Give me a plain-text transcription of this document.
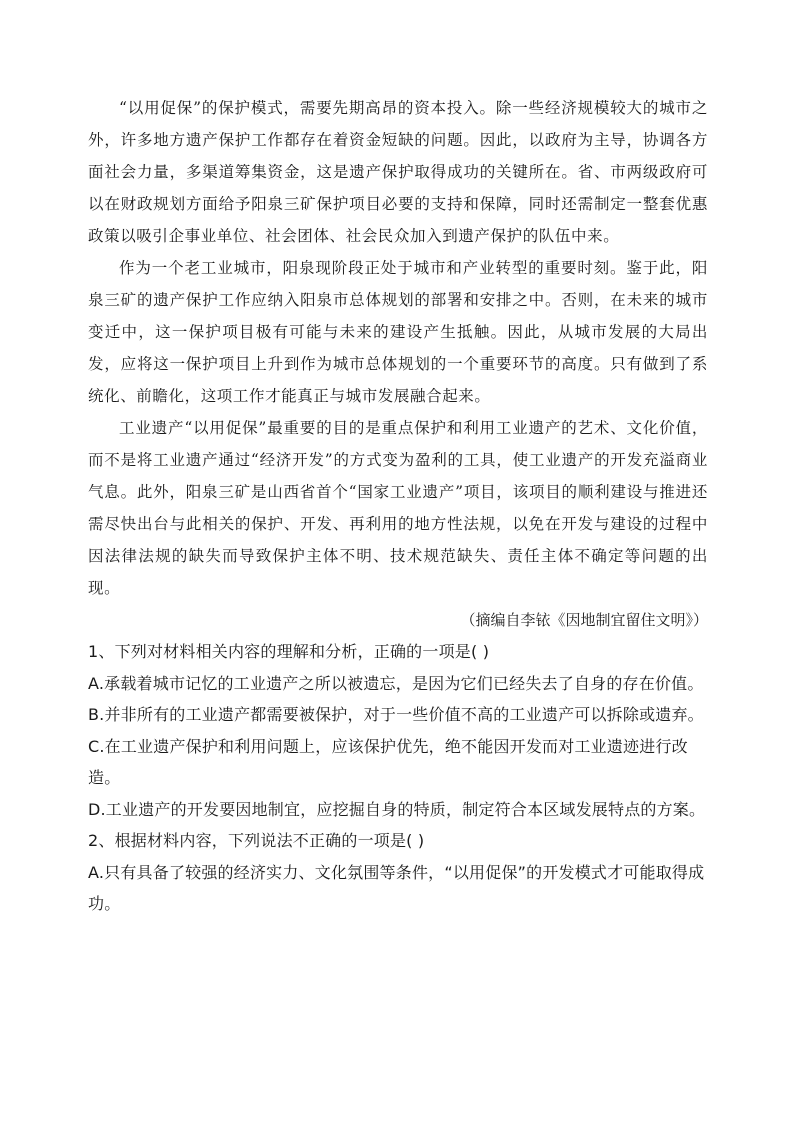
“以用促保”的保护模式，需要先期高昂的资本投入。除一些经济规模较大的城市之外，许多地方遗产保护工作都存在着资金短缺的问题。因此，以政府为主导，协调各方面社会力量，多渠道筹集资金，这是遗产保护取得成功的关键所在。省、市两级政府可以在财政规划方面给予阳泉三矿保护项目必要的支持和保障，同时还需制定一整套优惠政策以吸引企事业单位、社会团体、社会民众加入到遗产保护的队伍中来。

作为一个老工业城市，阳泉现阶段正处于城市和产业转型的重要时刻。鉴于此，阳泉三矿的遗产保护工作应纳入阳泉市总体规划的部署和安排之中。否则，在未来的城市变迁中，这一保护项目极有可能与未来的建设产生抵触。因此，从城市发展的大局出发，应将这一保护项目上升到作为城市总体规划的一个重要环节的高度。只有做到了系统化、前瞻化，这项工作才能真正与城市发展融合起来。

工业遗产“以用促保”最重要的目的是重点保护和利用工业遗产的艺术、文化价值，而不是将工业遗产通过“经济开发”的方式变为盈利的工具，使工业遗产的开发充溢商业气息。此外，阳泉三矿是山西省首个“国家工业遗产”项目，该项目的顺利建设与推进还需尽快出台与此相关的保护、开发、再利用的地方性法规，以免在开发与建设的过程中因法律法规的缺失而导致保护主体不明、技术规范缺失、责任主体不确定等问题的出现。

（摘编自李铱《因地制宜留住文明》）

1、下列对材料相关内容的理解和分析，正确的一项是( )

A.承载着城市记忆的工业遗产之所以被遗忘，是因为它们已经失去了自身的存在价值。

B.并非所有的工业遗产都需要被保护，对于一些价值不高的工业遗产可以拆除或遗弃。

C.在工业遗产保护和利用问题上，应该保护优先，绝不能因开发而对工业遗迹进行改造。

D.工业遗产的开发要因地制宜，应挖掘自身的特质，制定符合本区域发展特点的方案。

2、根据材料内容，下列说法不正确的一项是( )

A.只有具备了较强的经济实力、文化氛围等条件，“以用促保”的开发模式才可能取得成功。
